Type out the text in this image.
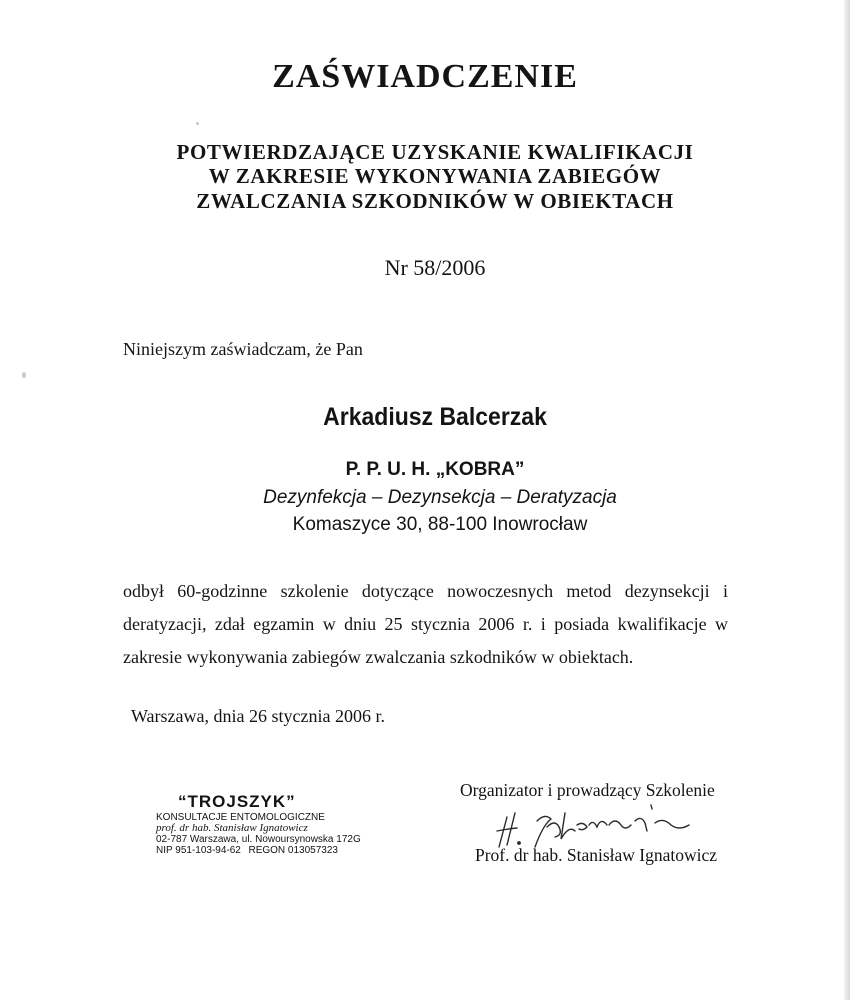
ZAŚWIADCZENIE
POTWIERDZAJĄCE UZYSKANIE KWALIFIKACJI
W ZAKRESIE WYKONYWANIA ZABIEGÓW
ZWALCZANIA SZKODNIKÓW W OBIEKTACH
Nr 58/2006
Niniejszym zaświadczam, że Pan
Arkadiusz Balcerzak
P. P. U. H. „KOBRA”
Dezynfekcja – Dezynsekcja – Deratyzacja
Komaszyce 30, 88-100 Inowrocław
odbył 60-godzinne szkolenie dotyczące nowoczesnych metod dezynsekcji i
deratyzacji, zdał egzamin w dniu 25 stycznia 2006 r. i posiada kwalifikacje w
zakresie wykonywania zabiegów zwalczania szkodników w obiektach.
Warszawa, dnia 26 stycznia 2006 r.
“TROJSZYK”
KONSULTACJE ENTOMOLOGICZNE
prof. dr hab. Stanisław Ignatowicz
02-787 Warszawa, ul. Nowoursynowska 172G
NIP 951-103-94-62 REGON 013057323
Organizator i prowadzący Szkolenie
Prof. dr hab. Stanisław Ignatowicz
